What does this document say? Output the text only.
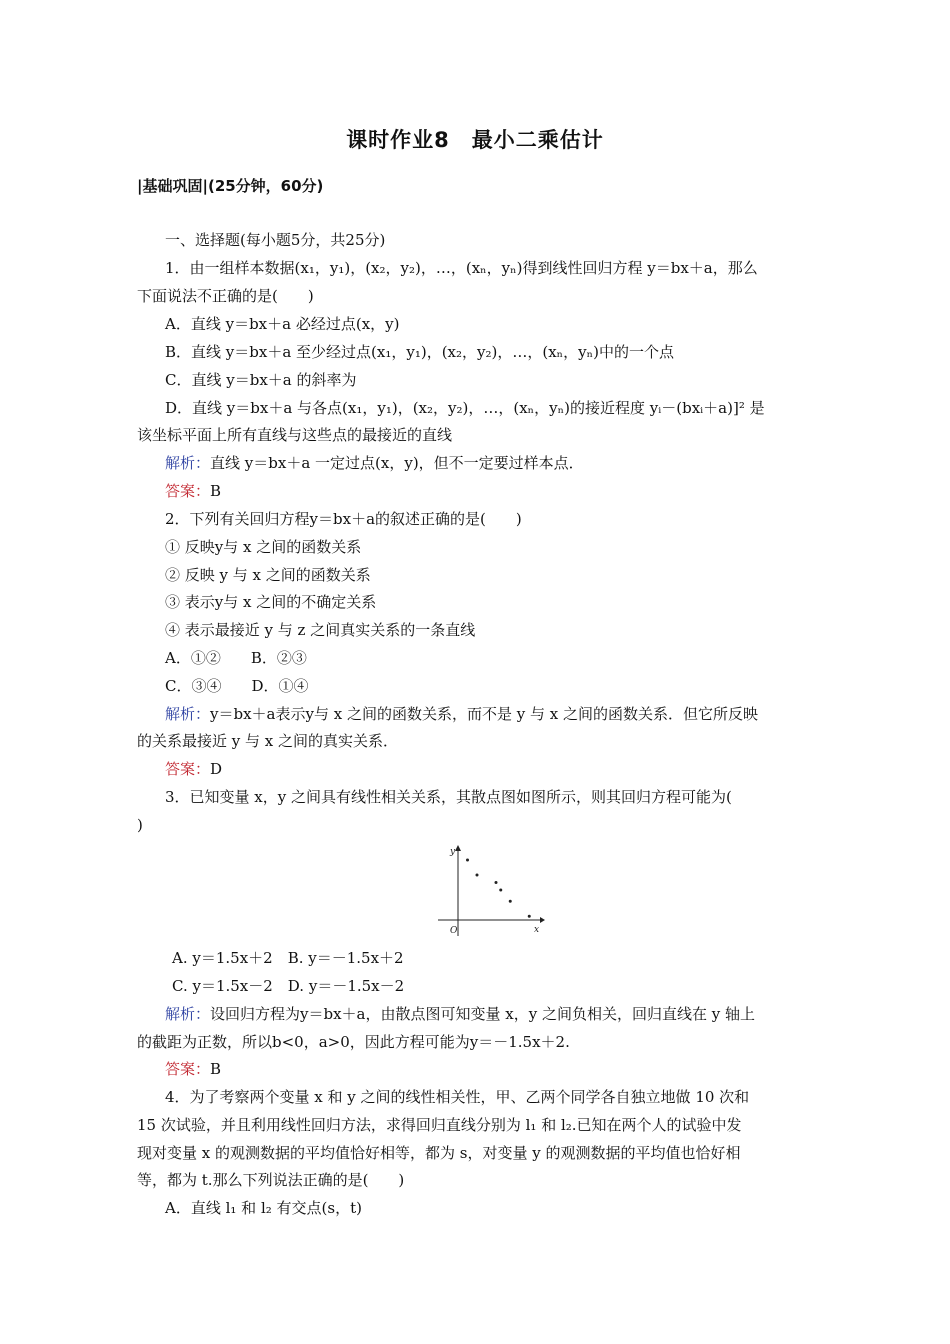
课时作业8　最小二乘估计
|基础巩固|(25分钟，60分)
一、选择题(每小题5分，共25分)
1．由一组样本数据(x₁，y₁)，(x₂，y₂)，…，(xₙ，yₙ)得到线性回归方程 y＝bx＋a，那么
下面说法不正确的是(　　)
A．直线 y＝bx＋a 必经过点(x，y)
B．直线 y＝bx＋a 至少经过点(x₁，y₁)，(x₂，y₂)，…，(xₙ，yₙ)中的一个点
C．直线 y＝bx＋a 的斜率为
D．直线 y＝bx＋a 与各点(x₁，y₁)，(x₂，y₂)，…，(xₙ，yₙ)的接近程度 yᵢ－(bxᵢ＋a)]² 是
该坐标平面上所有直线与这些点的最接近的直线
解析：直线 y＝bx＋a 一定过点(x，y)，但不一定要过样本点．
答案：B
2．下列有关回归方程y＝bx＋a的叙述正确的是(　　)
① 反映y与 x 之间的函数关系
② 反映 y 与 x 之间的函数关系
③ 表示y与 x 之间的不确定关系
④ 表示最接近 y 与 z 之间真实关系的一条直线
A．①②　　B．②③
C．③④　　D．①④
解析：y＝bx＋a表示y与 x 之间的函数关系，而不是 y 与 x 之间的函数关系．但它所反映
的关系最接近 y 与 x 之间的真实关系．
答案：D
3．已知变量 x，y 之间具有线性相关关系，其散点图如图所示，则其回归方程可能为(
)
y
x
O
A. y＝1.5x＋2　B. y＝－1.5x＋2
C. y＝1.5x－2　D. y＝－1.5x－2
解析：设回归方程为y＝bx＋a，由散点图可知变量 x，y 之间负相关，回归直线在 y 轴上
的截距为正数，所以b<0，a>0，因此方程可能为y＝－1.5x＋2.
答案：B
4．为了考察两个变量 x 和 y 之间的线性相关性，甲、乙两个同学各自独立地做 10 次和
15 次试验，并且利用线性回归方法，求得回归直线分别为 l₁ 和 l₂.已知在两个人的试验中发
现对变量 x 的观测数据的平均值恰好相等，都为 s，对变量 y 的观测数据的平均值也恰好相
等，都为 t.那么下列说法正确的是(　　)
A．直线 l₁ 和 l₂ 有交点(s，t)
